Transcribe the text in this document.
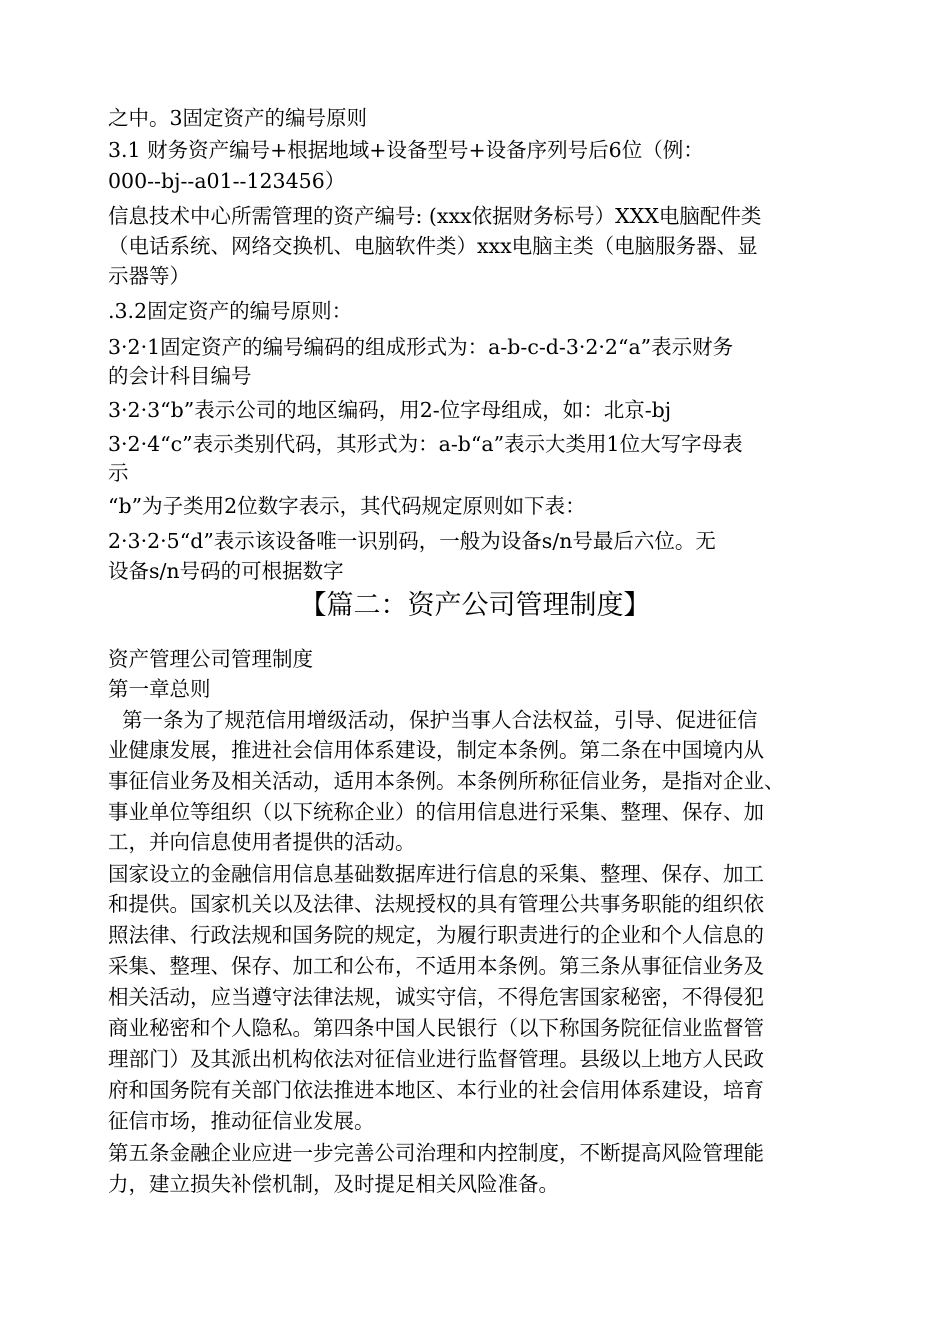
之中。3固定资产的编号原则
3.1 财务资产编号+根据地域+设备型号+设备序列号后6位（例：
000--bj--a01--123456）
信息技术中心所需管理的资产编号: (xxx依据财务标号）XXX电脑配件类
（电话系统、网络交换机、电脑软件类）xxx电脑主类（电脑服务器、显
示器等）
.3.2固定资产的编号原则：
3·2·1固定资产的编号编码的组成形式为：a-b-c-d-3·2·2“a”表示财务
的会计科目编号
3·2·3“b”表示公司的地区编码，用2-位字母组成，如：北京-bj
3·2·4“c”表示类别代码，其形式为：a-b“a”表示大类用1位大写字母表
示
“b”为子类用2位数字表示，其代码规定原则如下表：
2·3·2·5“d”表示该设备唯一识别码，一般为设备s/n号最后六位。无
设备s/n号码的可根据数字
【篇二：资产公司管理制度】
资产管理公司管理制度
第一章总则
第一条为了规范信用增级活动，保护当事人合法权益，引导、促进征信
业健康发展，推进社会信用体系建设，制定本条例。第二条在中国境内从
事征信业务及相关活动，适用本条例。本条例所称征信业务，是指对企业、
事业单位等组织（以下统称企业）的信用信息进行采集、整理、保存、加
工，并向信息使用者提供的活动。
国家设立的金融信用信息基础数据库进行信息的采集、整理、保存、加工
和提供。国家机关以及法律、法规授权的具有管理公共事务职能的组织依
照法律、行政法规和国务院的规定，为履行职责进行的企业和个人信息的
采集、整理、保存、加工和公布，不适用本条例。第三条从事征信业务及
相关活动，应当遵守法律法规，诚实守信，不得危害国家秘密，不得侵犯
商业秘密和个人隐私。第四条中国人民银行（以下称国务院征信业监督管
理部门）及其派出机构依法对征信业进行监督管理。县级以上地方人民政
府和国务院有关部门依法推进本地区、本行业的社会信用体系建设，培育
征信市场，推动征信业发展。
第五条金融企业应进一步完善公司治理和内控制度，不断提高风险管理能
力，建立损失补偿机制，及时提足相关风险准备。
